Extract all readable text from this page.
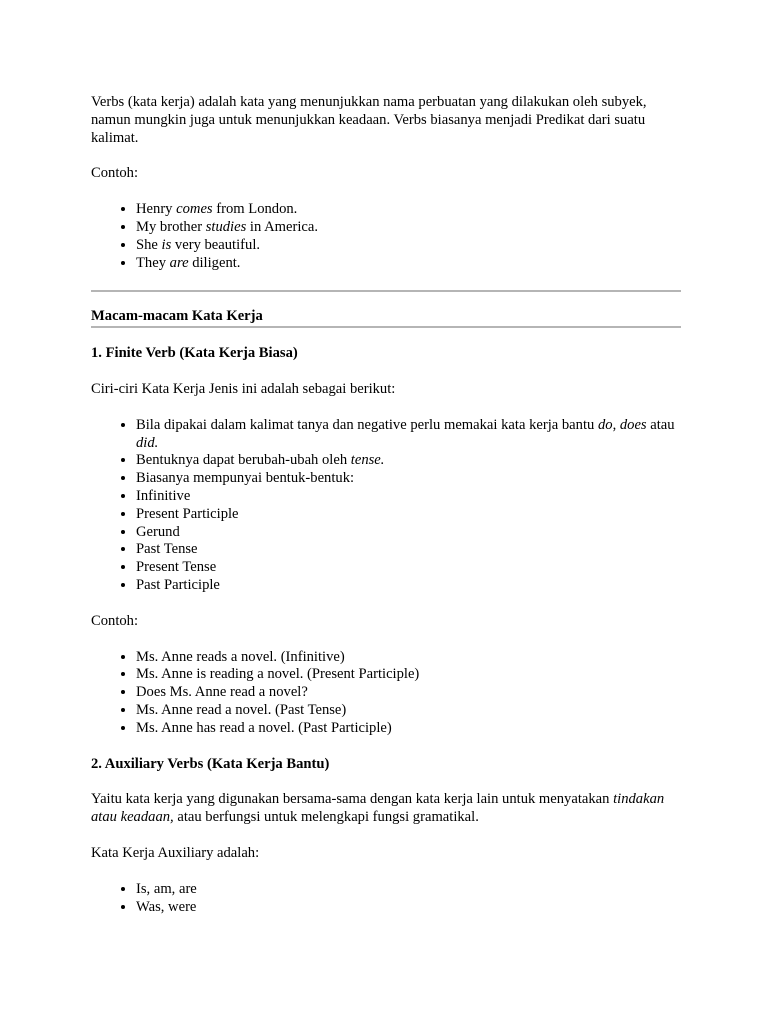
Verbs (kata kerja) adalah kata yang menunjukkan nama perbuatan yang dilakukan oleh subyek, namun mungkin juga untuk menunjukkan keadaan. Verbs biasanya menjadi Predikat dari suatu kalimat.

Contoh:

• Henry comes from London.
• My brother studies in America.
• She is very beautiful.
• They are diligent.

Macam-macam Kata Kerja

1. Finite Verb (Kata Kerja Biasa)

Ciri-ciri Kata Kerja Jenis ini adalah sebagai berikut:

• Bila dipakai dalam kalimat tanya dan negative perlu memakai kata kerja bantu do, does atau did.
• Bentuknya dapat berubah-ubah oleh tense.
• Biasanya mempunyai bentuk-bentuk:
• Infinitive
• Present Participle
• Gerund
• Past Tense
• Present Tense
• Past Participle

Contoh:

• Ms. Anne reads a novel. (Infinitive)
• Ms. Anne is reading a novel. (Present Participle)
• Does Ms. Anne read a novel?
• Ms. Anne read a novel. (Past Tense)
• Ms. Anne has read a novel. (Past Participle)

2. Auxiliary Verbs (Kata Kerja Bantu)

Yaitu kata kerja yang digunakan bersama-sama dengan kata kerja lain untuk menyatakan tindakan atau keadaan, atau berfungsi untuk melengkapi fungsi gramatikal.

Kata Kerja Auxiliary adalah:

• Is, am, are
• Was, were
